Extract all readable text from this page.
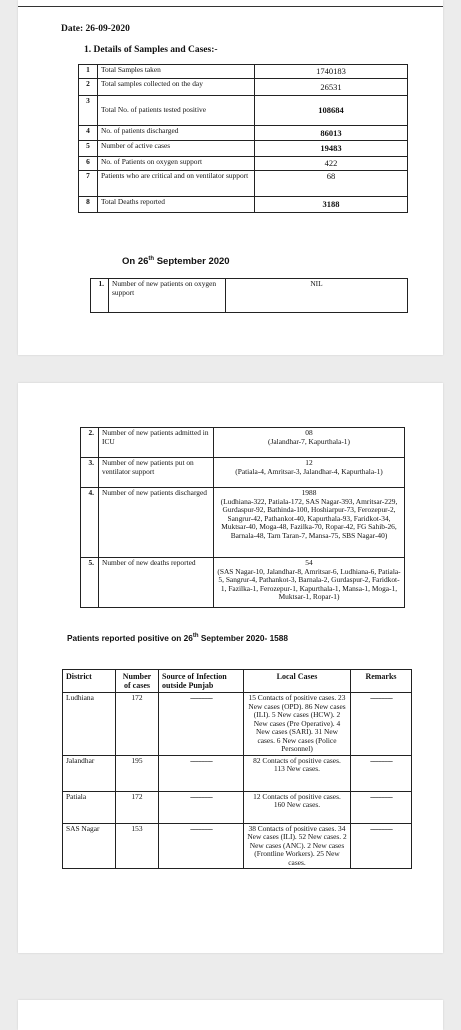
Date: 26-09-2020
1. Details of Samples and Cases:-
1	Total Samples taken	1740183
2	Total samples collected on the day	26531
3	Total No. of patients tested positive	108684
4	No. of patients discharged	86013
5	Number of active cases	19483
6	No. of Patients on oxygen support	422
7	Patients who are critical and on ventilator support	68
8	Total Deaths reported	3188
On 26th September 2020
1.	Number of new patients on oxygen support	NIL
2.	Number of new patients admitted in ICU	08
(Jalandhar-7, Kapurthala-1)

3.	Number of new patients put on ventilator support	12
(Patiala-4, Amritsar-3, Jalandhar-4, Kapurthala-1)

4.	Number of new patients discharged	1988
(Ludhiana-322, Patiala-172, SAS Nagar-393, Amritsar-229, Gurdaspur-92, Bathinda-100, Hoshiarpur-73, Ferozepur-2, Sangrur-42, Pathankot-40, Kapurthala-93, Faridkot-34, Muktsar-40, Moga-48, Fazilka-70, Ropar-42, FG Sahib-26, Barnala-48, Tarn Taran-7, Mansa-75, SBS Nagar-40)

5.	Number of new deaths reported	54
(SAS Nagar-10, Jalandhar-8, Amritsar-6, Ludhiana-6, Patiala-5, Sangrur-4, Pathankot-3, Barnala-2, Gurdaspur-2, Faridkot-1, Fazilka-1, Ferozepur-1, Kapurthala-1, Mansa-1, Moga-1, Muktsar-1, Ropar-1)
Patients reported positive on 26th September 2020- 1588
District	Number of cases	Source of Infection outside Punjab	Local Cases	Remarks
Ludhiana	172	---------------	15 Contacts of positive cases. 23 New cases (OPD). 86 New cases (ILI). 5 New cases (HCW). 2 New cases (Pre Operative). 4 New cases (SARI). 31 New cases. 6 New cases (Police Personnel)	---------------
Jalandhar	195	---------------	82 Contacts of positive cases. 113 New cases.	---------------
Patiala	172	---------------	12 Contacts of positive cases. 160 New cases.	---------------
SAS Nagar	153	---------------	38 Contacts of positive cases. 34 New cases (ILI). 52 New cases. 2 New cases (ANC). 2 New cases (Frontline Workers). 25 New cases.	---------------
